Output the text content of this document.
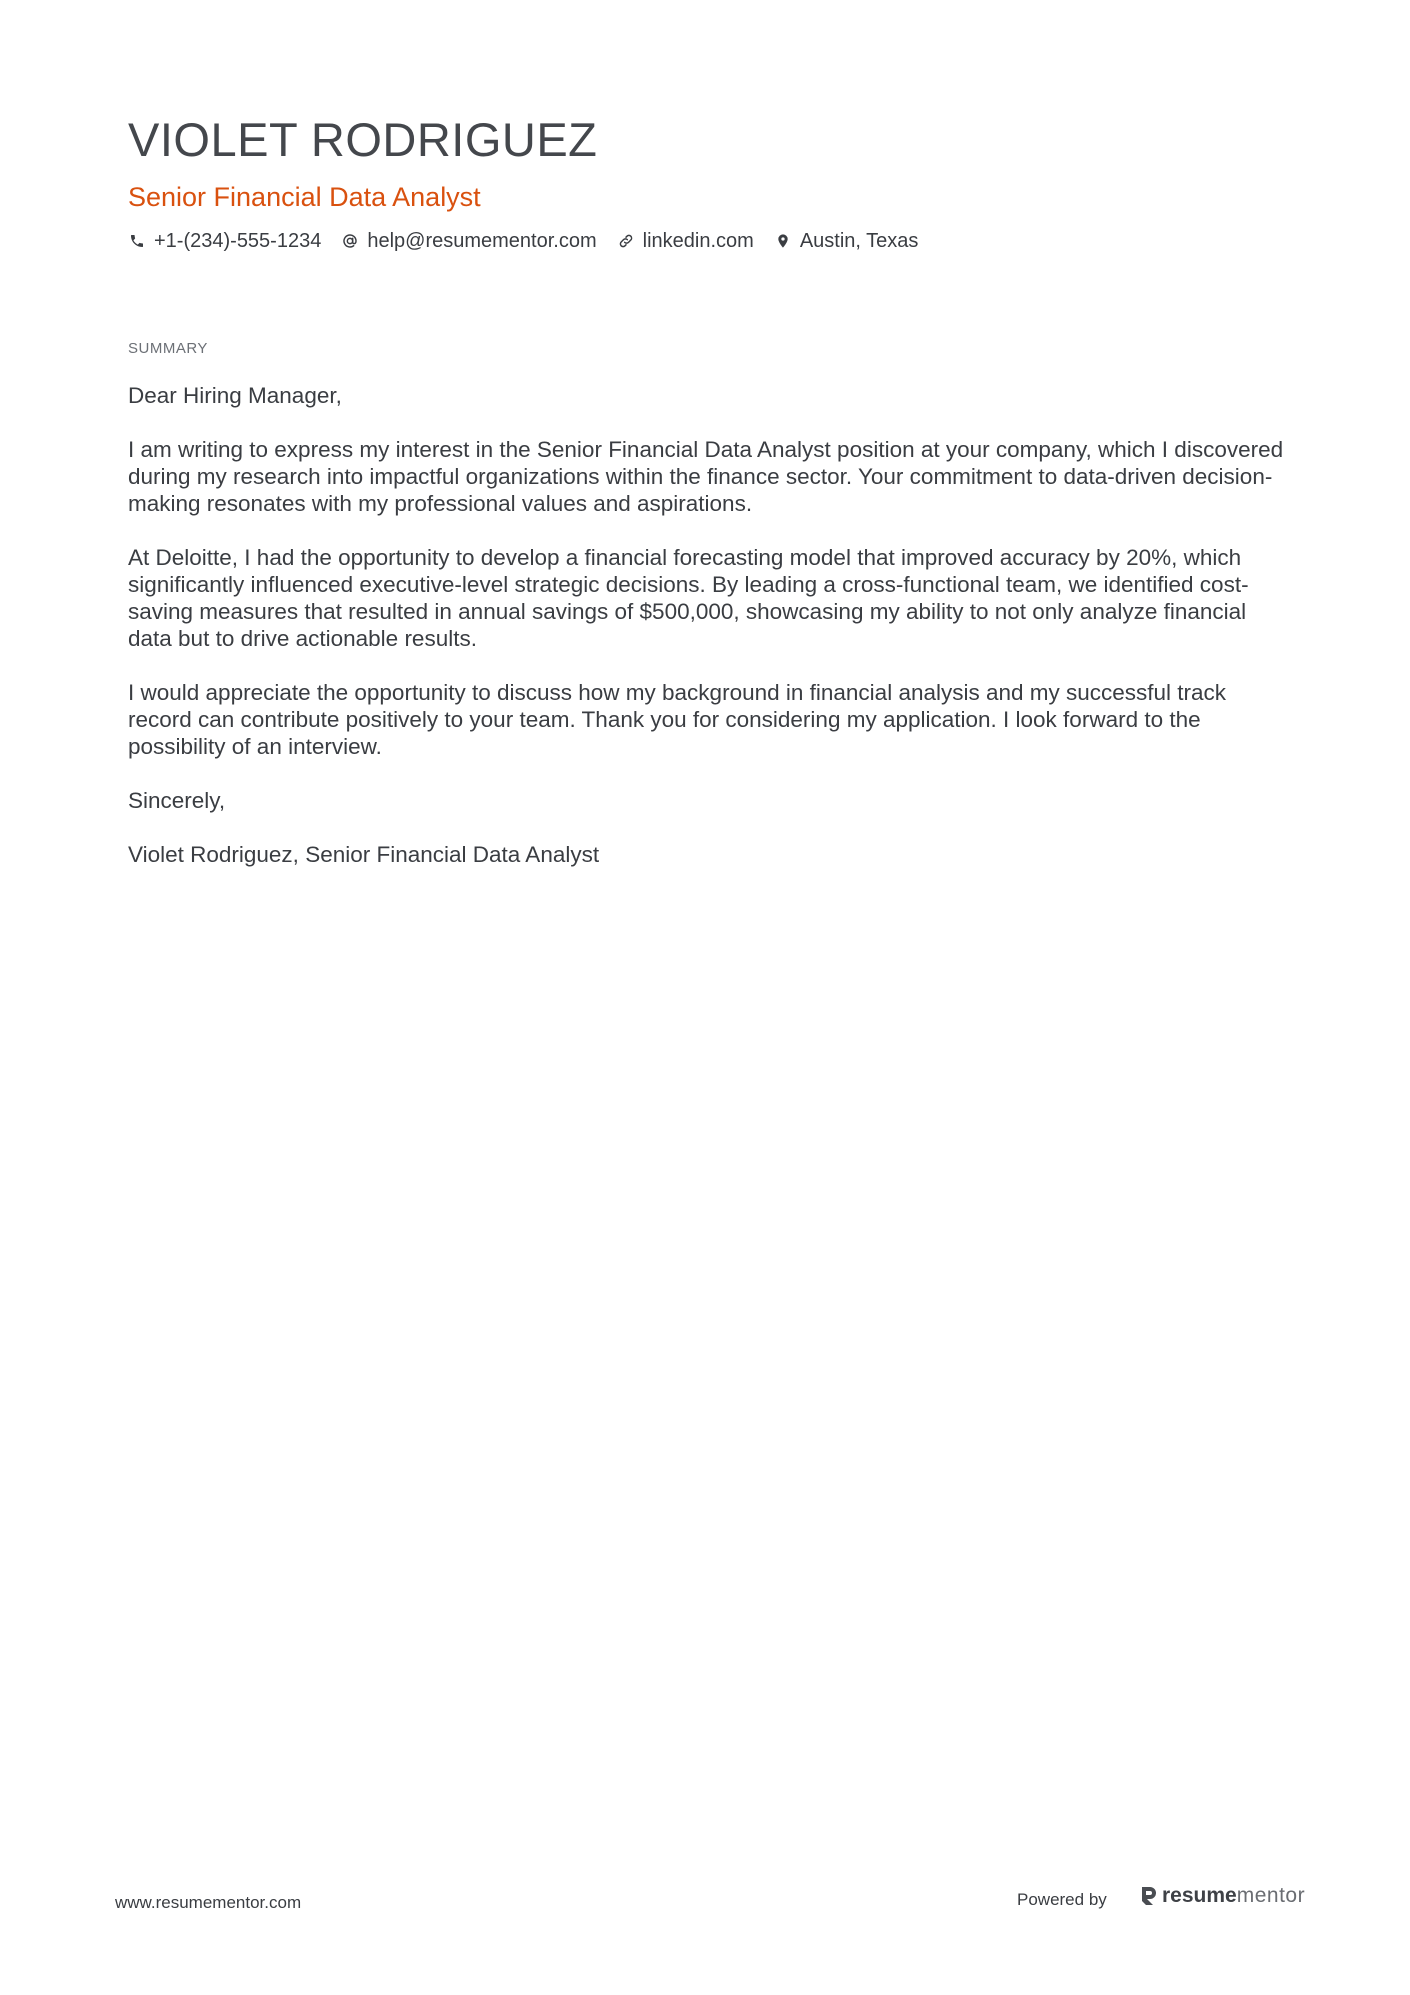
VIOLET RODRIGUEZ
Senior Financial Data Analyst
+1-(234)-555-1234 help@resumementor.com linkedin.com Austin, Texas
SUMMARY

Dear Hiring Manager,

I am writing to express my interest in the Senior Financial Data Analyst position at your company, which I discovered during my research into impactful organizations within the finance sector. Your commitment to data-driven decision-making resonates with my professional values and aspirations.

At Deloitte, I had the opportunity to develop a financial forecasting model that improved accuracy by 20%, which significantly influenced executive-level strategic decisions. By leading a cross-functional team, we identified cost-saving measures that resulted in annual savings of $500,000, showcasing my ability to not only analyze financial data but to drive actionable results.

I would appreciate the opportunity to discuss how my background in financial analysis and my successful track record can contribute positively to your team. Thank you for considering my application. I look forward to the possibility of an interview.

Sincerely,

Violet Rodriguez, Senior Financial Data Analyst

www.resumementor.com	Powered by	resume mentor
